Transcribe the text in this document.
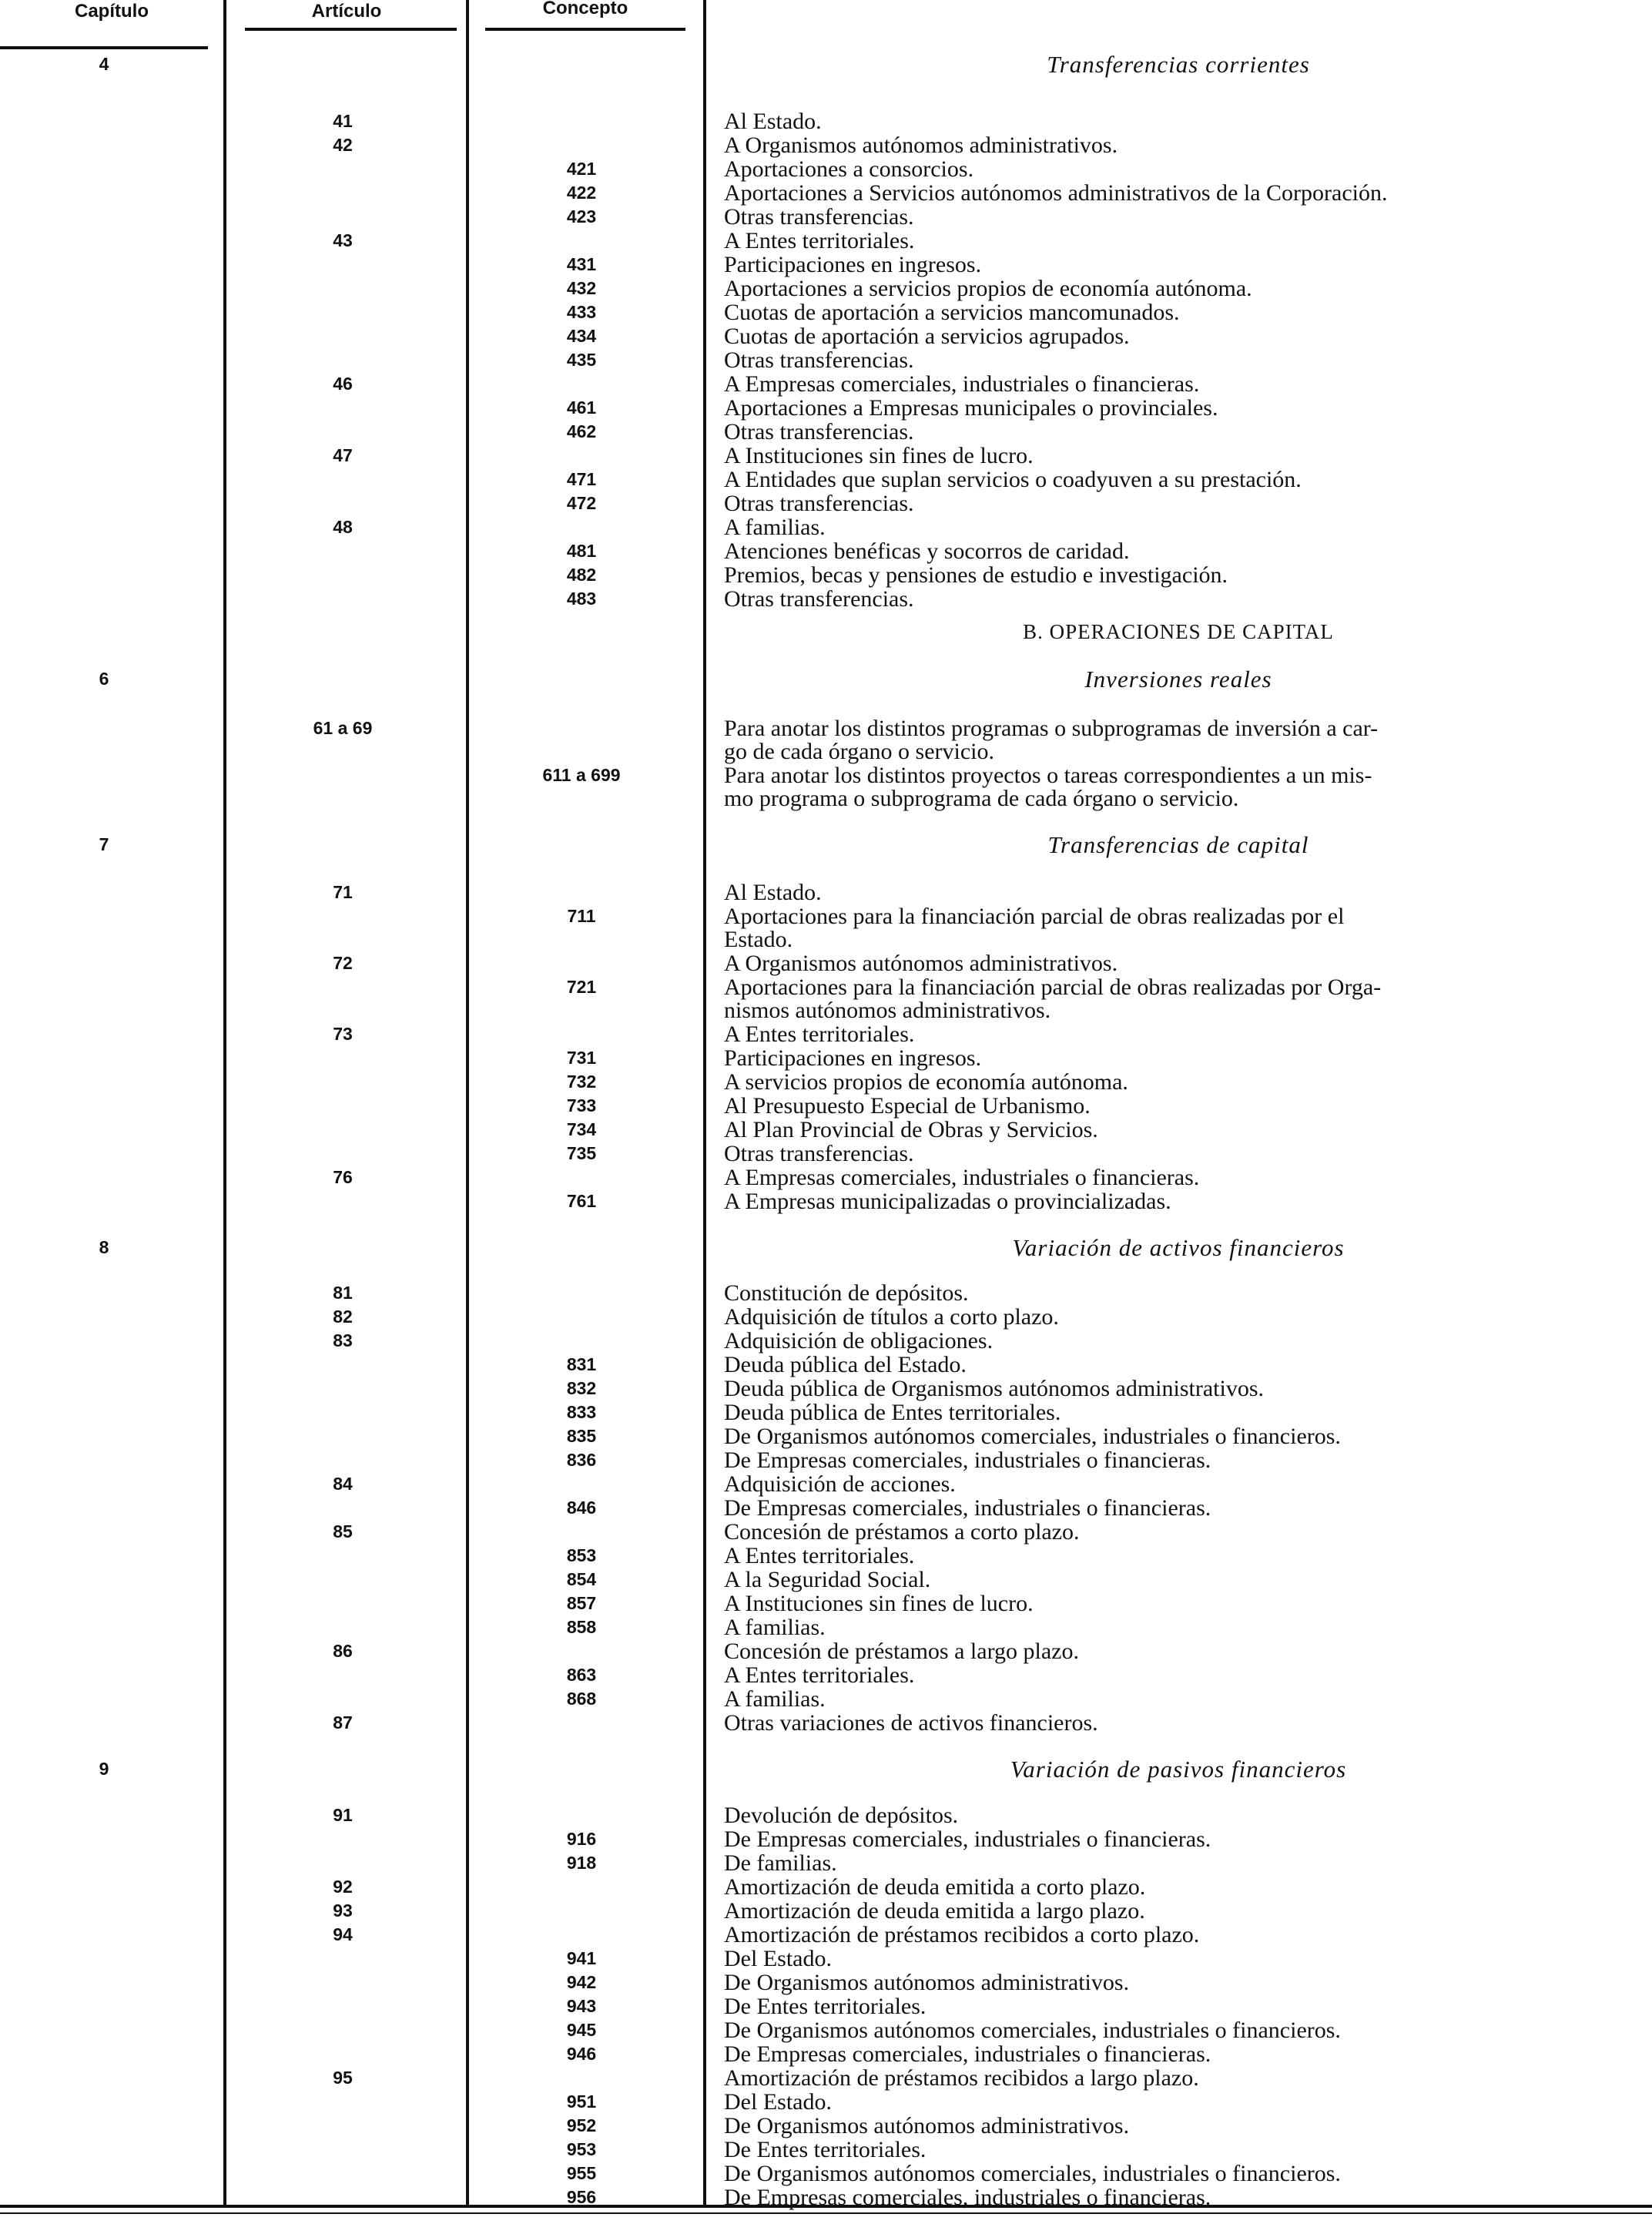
Capítulo	Artículo	Concepto
4	Transferencias corrientes
41	Al Estado.
42	A Organismos autónomos administrativos.
421	Aportaciones a consorcios.
422	Aportaciones a Servicios autónomos administrativos de la Corporación.
423	Otras transferencias.
43	A Entes territoriales.
431	Participaciones en ingresos.
432	Aportaciones a servicios propios de economía autónoma.
433	Cuotas de aportación a servicios mancomunados.
434	Cuotas de aportación a servicios agrupados.
435	Otras transferencias.
46	A Empresas comerciales, industriales o financieras.
461	Aportaciones a Empresas municipales o provinciales.
462	Otras transferencias.
47	A Instituciones sin fines de lucro.
471	A Entidades que suplan servicios o coadyuven a su prestación.
472	Otras transferencias.
48	A familias.
481	Atenciones benéficas y socorros de caridad.
482	Premios, becas y pensiones de estudio e investigación.
483	Otras transferencias.
B. OPERACIONES DE CAPITAL
6	Inversiones reales
61 a 69	Para anotar los distintos programas o subprogramas de inversión a car-
go de cada órgano o servicio.
611 a 699	Para anotar los distintos proyectos o tareas correspondientes a un mis-
mo programa o subprograma de cada órgano o servicio.
7	Transferencias de capital
71	Al Estado.
711	Aportaciones para la financiación parcial de obras realizadas por el
Estado.
72	A Organismos autónomos administrativos.
721	Aportaciones para la financiación parcial de obras realizadas por Orga-
nismos autónomos administrativos.
73	A Entes territoriales.
731	Participaciones en ingresos.
732	A servicios propios de economía autónoma.
733	Al Presupuesto Especial de Urbanismo.
734	Al Plan Provincial de Obras y Servicios.
735	Otras transferencias.
76	A Empresas comerciales, industriales o financieras.
761	A Empresas municipalizadas o provincializadas.
8	Variación de activos financieros
81	Constitución de depósitos.
82	Adquisición de títulos a corto plazo.
83	Adquisición de obligaciones.
831	Deuda pública del Estado.
832	Deuda pública de Organismos autónomos administrativos.
833	Deuda pública de Entes territoriales.
835	De Organismos autónomos comerciales, industriales o financieros.
836	De Empresas comerciales, industriales o financieras.
84	Adquisición de acciones.
846	De Empresas comerciales, industriales o financieras.
85	Concesión de préstamos a corto plazo.
853	A Entes territoriales.
854	A la Seguridad Social.
857	A Instituciones sin fines de lucro.
858	A familias.
86	Concesión de préstamos a largo plazo.
863	A Entes territoriales.
868	A familias.
87	Otras variaciones de activos financieros.
9	Variación de pasivos financieros
91	Devolución de depósitos.
916	De Empresas comerciales, industriales o financieras.
918	De familias.
92	Amortización de deuda emitida a corto plazo.
93	Amortización de deuda emitida a largo plazo.
94	Amortización de préstamos recibidos a corto plazo.
941	Del Estado.
942	De Organismos autónomos administrativos.
943	De Entes territoriales.
945	De Organismos autónomos comerciales, industriales o financieros.
946	De Empresas comerciales, industriales o financieras.
95	Amortización de préstamos recibidos a largo plazo.
951	Del Estado.
952	De Organismos autónomos administrativos.
953	De Entes territoriales.
955	De Organismos autónomos comerciales, industriales o financieros.
956	De Empresas comerciales, industriales o financieras.
